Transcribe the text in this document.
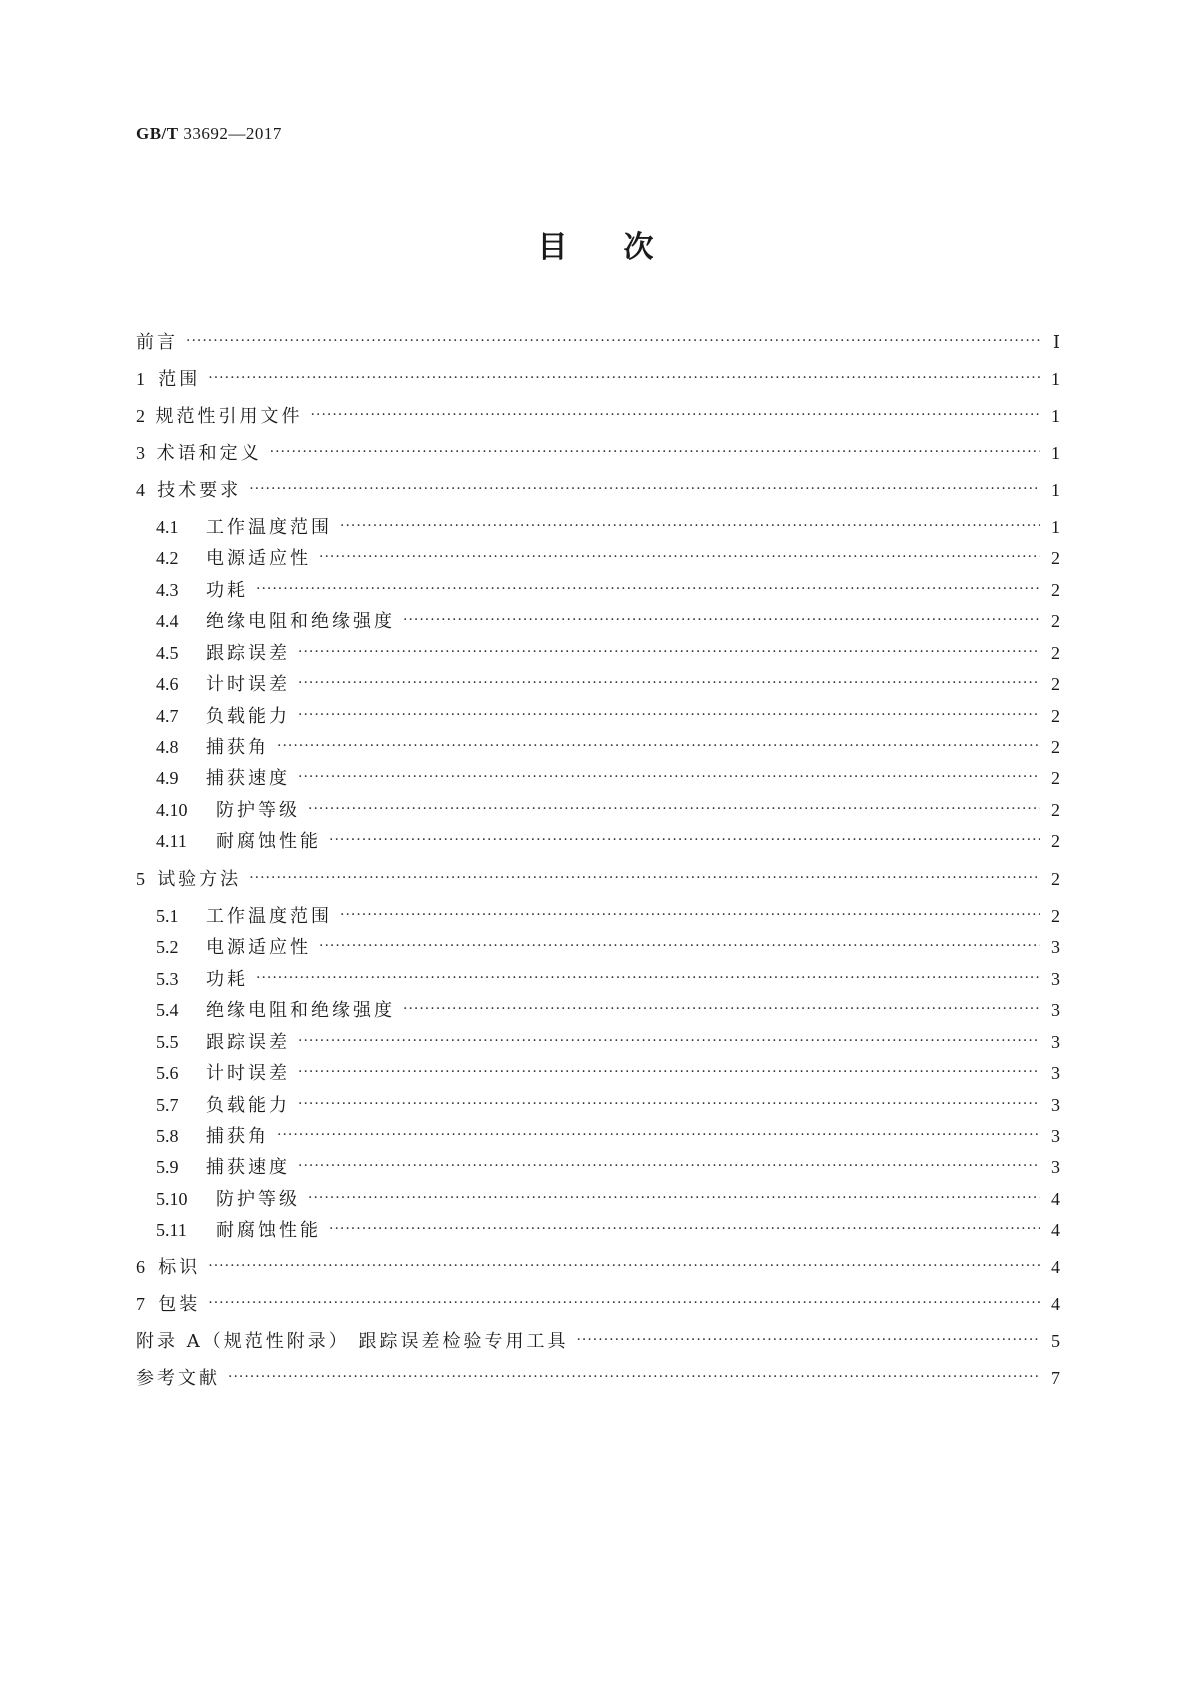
GB/T 33692—2017
目次
前言 ·····	Ⅰ
1 范围 ·····	1
2 规范性引用文件 ·····	1
3 术语和定义 ·····	1
4 技术要求 ·····	1
4.1	工作温度范围 ·····	1
4.2	电源适应性 ·····	2
4.3	功耗 ·····	2
4.4	绝缘电阻和绝缘强度 ·····	2
4.5	跟踪误差 ·····	2
4.6	计时误差 ·····	2
4.7	负载能力 ·····	2
4.8	捕获角 ·····	2
4.9	捕获速度 ·····	2
4.10	防护等级 ·····	2
4.11	耐腐蚀性能 ·····	2
5 试验方法 ·····	2
5.1	工作温度范围 ·····	2
5.2	电源适应性 ·····	3
5.3	功耗 ·····	3
5.4	绝缘电阻和绝缘强度 ·····	3
5.5	跟踪误差 ·····	3
5.6	计时误差 ·····	3
5.7	负载能力 ·····	3
5.8	捕获角 ·····	3
5.9	捕获速度 ·····	3
5.10	防护等级 ·····	4
5.11	耐腐蚀性能 ·····	4
6 标识 ·····	4
7 包装 ·····	4
附录 A（规范性附录） 跟踪误差检验专用工具 ·····	5
参考文献 ·····	7
